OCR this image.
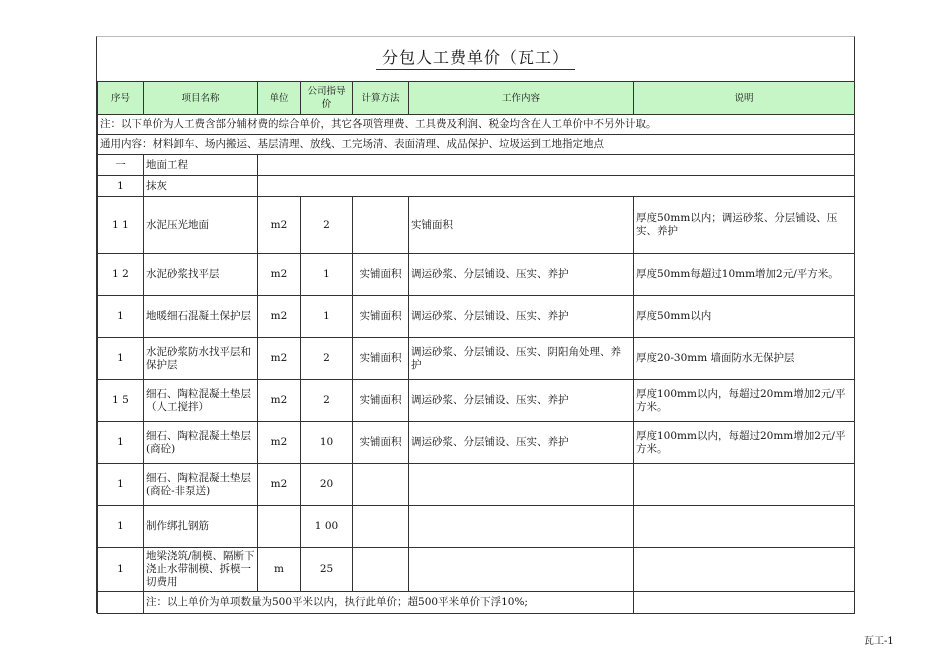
分包人工费单价（瓦工）
序号	项目名称	单位	公司指导价	计算方法	工作内容	说明
注：以下单价为人工费含部分辅材费的综合单价，其它各项管理费、工具费及利润、税金均含在人工单价中不另外计取。						
通用内容：材料卸车、场内搬运、基层清理、放线、工完场清、表面清理、成品保护、垃圾运到工地指定地点						
一	地面工程					
1	抹灰					
1 1	水泥压光地面	m2	2		实铺面积	厚度50mm以内；调运砂浆、分层铺设、压实、养护
1 2	水泥砂浆找平层	m2	1	实铺面积	调运砂浆、分层铺设、压实、养护	厚度50mm每超过10mm增加2元/平方米。
1	地暖细石混凝土保护层	m2	1	实铺面积	调运砂浆、分层铺设、压实、养护	厚度50mm以内
1	水泥砂浆防水找平层和保护层	m2	2	实铺面积	调运砂浆、分层铺设、压实、阴阳角处理、养护	厚度20-30mm 墙面防水无保护层
1 5	细石、陶粒混凝土垫层（人工搅拌）	m2	2	实铺面积	调运砂浆、分层铺设、压实、养护	厚度100mm以内，每超过20mm增加2元/平方米。
1	细石、陶粒混凝土垫层(商砼)	m2	10	实铺面积	调运砂浆、分层铺设、压实、养护	厚度100mm以内，每超过20mm增加2元/平方米。
1	细石、陶粒混凝土垫层(商砼-非泵送)	m2	20			
1	制作绑扎钢筋		1 00			
1	地梁浇筑/制模、隔断下浇止水带制模、拆模一切费用	m	25			
	注：以上单价为单项数量为500平米以内，执行此单价；超500平米单价下浮10%;					
瓦工-1
